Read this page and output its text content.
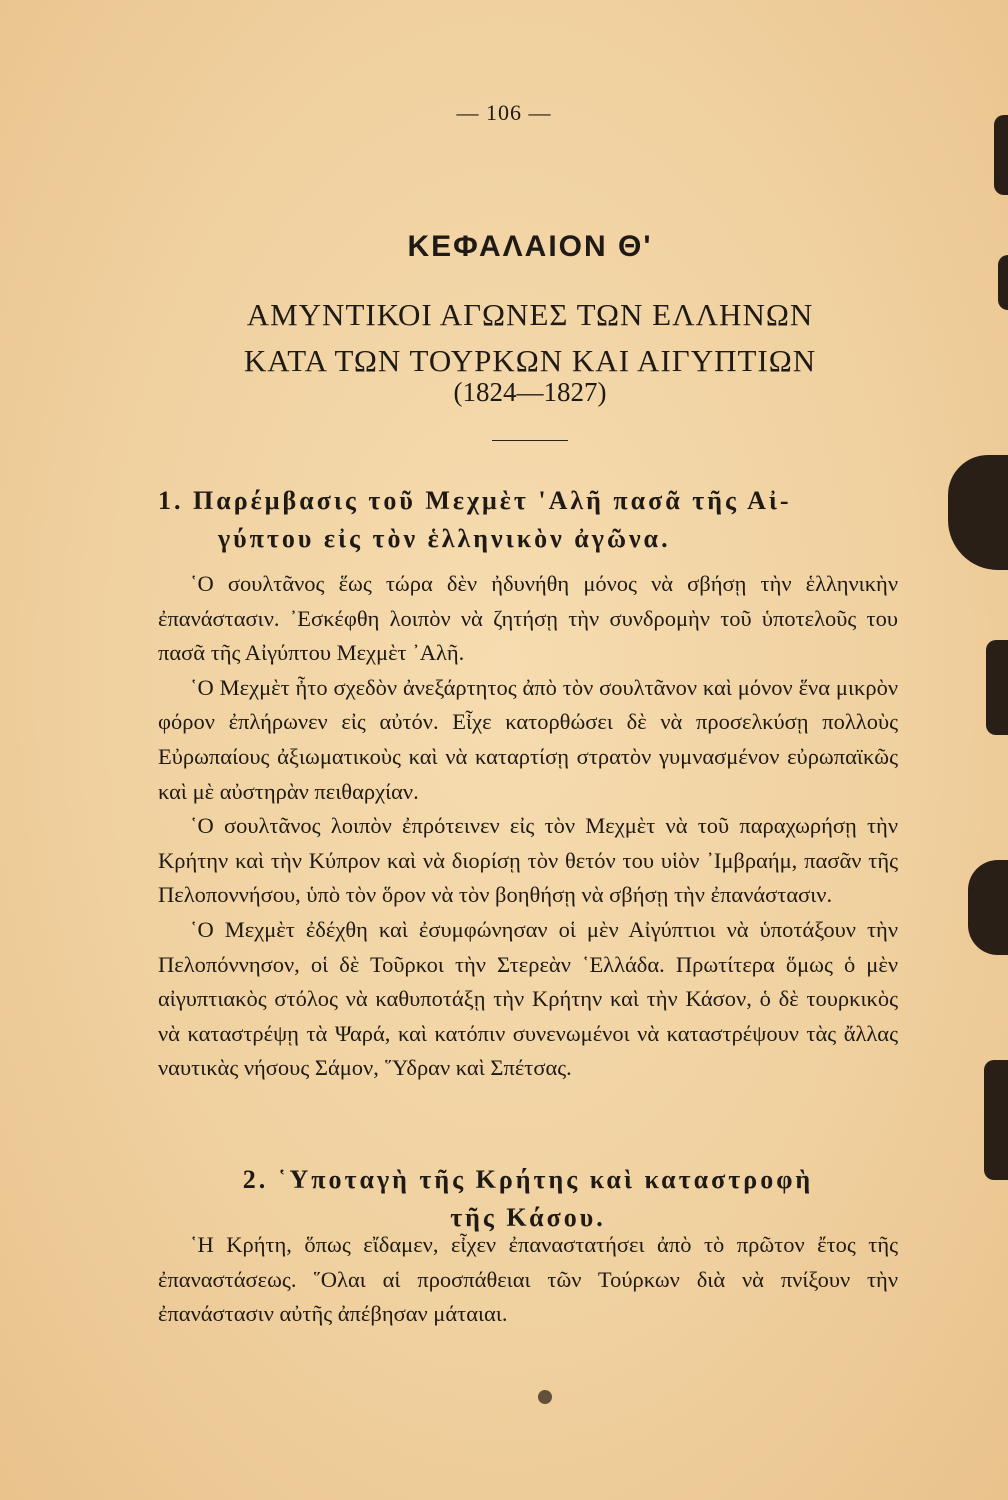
— 106 —
ΚΕΦΑΛΑΙΟΝ Θ'
ΑΜΥΝΤΙΚΟΙ ΑΓΩΝΕΣ ΤΩΝ ΕΛΛΗΝΩΝ
ΚΑΤΑ ΤΩΝ ΤΟΥΡΚΩΝ ΚΑΙ ΑΙΓΥΠΤΙΩΝ
(1824—1827)
1. Παρέμβασις τοῦ Μεχμὲτ 'Αλῆ πασᾶ τῆς Αἰ-
γύπτου εἰς τὸν ἑλληνικὸν ἀγῶνα.

῾Ο σουλτᾶνος ἕως τώρα δὲν ἠδυνήθη μόνος νὰ σβήσῃ τὴν ἑλληνικὴν ἐπανάστασιν. ᾿Εσκέφθη λοιπὸν νὰ ζητήσῃ τὴν συνδρομὴν τοῦ ὑποτελοῦς του πασᾶ τῆς Αἰγύπτου Μεχμὲτ ᾿Αλῆ.

῾Ο Μεχμὲτ ἦτο σχεδὸν ἀνεξάρτητος ἀπὸ τὸν σουλτᾶνον καὶ μόνον ἕνα μικρὸν φόρον ἐπλήρωνεν εἰς αὐτόν. Εἶχε κατορθώσει δὲ νὰ προσελκύσῃ πολλοὺς Εὐρωπαίους ἀξιωματικοὺς καὶ νὰ καταρτίσῃ στρατὸν γυμνασμένον εὐρωπαϊκῶς καὶ μὲ αὐστηρὰν πειθαρχίαν.

῾Ο σουλτᾶνος λοιπὸν ἐπρότεινεν εἰς τὸν Μεχμὲτ νὰ τοῦ παραχωρήσῃ τὴν Κρήτην καὶ τὴν Κύπρον καὶ νὰ διορίσῃ τὸν θετόν του υἱὸν ᾿Ιμβραήμ, πασᾶν τῆς Πελοποννήσου, ὑπὸ τὸν ὅρον νὰ τὸν βοηθήσῃ νὰ σβήσῃ τὴν ἐπανάστασιν.

῾Ο Μεχμὲτ ἐδέχθη καὶ ἐσυμφώνησαν οἱ μὲν Αἰγύπτιοι νὰ ὑποτάξουν τὴν Πελοπόννησον, οἱ δὲ Τοῦρκοι τὴν Στερεὰν ῾Ελλάδα. Πρωτίτερα ὅμως ὁ μὲν αἰγυπτιακὸς στόλος νὰ καθυποτάξῃ τὴν Κρήτην καὶ τὴν Κάσον, ὁ δὲ τουρκικὸς νὰ καταστρέψῃ τὰ Ψαρά, καὶ κατόπιν συνενωμένοι νὰ καταστρέψουν τὰς ἄλλας ναυτικὰς νήσους Σάμον, ῞Υδραν καὶ Σπέτσας.

2. ῾Υποταγὴ τῆς Κρήτης καὶ καταστροφὴ
τῆς Κάσου.

῾Η Κρήτη, ὅπως εἴδαμεν, εἶχεν ἐπαναστατήσει ἀπὸ τὸ πρῶτον ἔτος τῆς ἐπαναστάσεως. ῞Ολαι αἱ προσπάθειαι τῶν Τούρκων διὰ νὰ πνίξουν τὴν ἐπανάστασιν αὐτῆς ἀπέβησαν μάταιαι.
